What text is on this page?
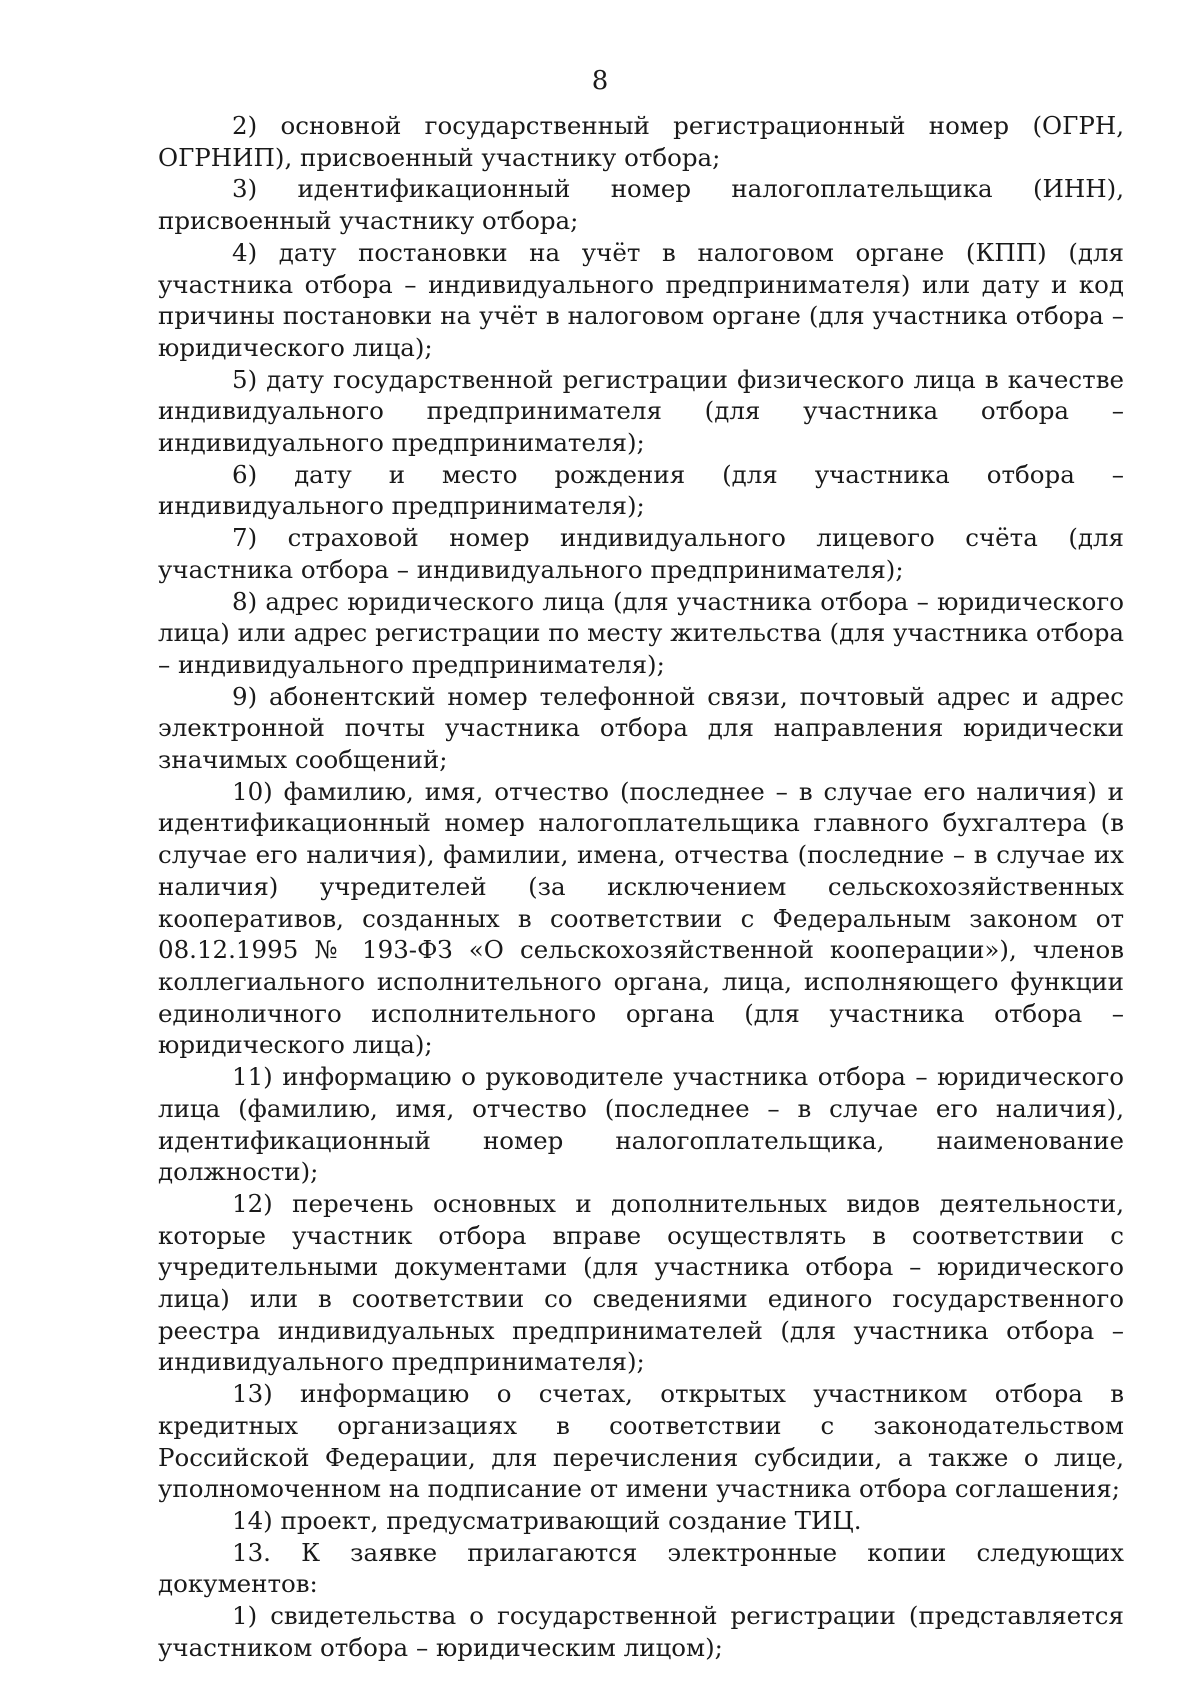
8

2) основной государственный регистрационный номер (ОГРН, ОГРНИП), присвоенный участнику отбора;

3) идентификационный номер налогоплательщика (ИНН), присвоенный участнику отбора;

4) дату постановки на учёт в налоговом органе (КПП) (для участника отбора – индивидуального предпринимателя) или дату и код причины постановки на учёт в налоговом органе (для участника отбора – юридического лица);

5) дату государственной регистрации физического лица в качестве индивидуального предпринимателя (для участника отбора – индивидуального предпринимателя);

6) дату и место рождения (для участника отбора – индивидуального предпринимателя);

7) страховой номер индивидуального лицевого счёта (для участника отбора – индивидуального предпринимателя);

8) адрес юридического лица (для участника отбора – юридического лица) или адрес регистрации по месту жительства (для участника отбора – индивидуального предпринимателя);

9) абонентский номер телефонной связи, почтовый адрес и адрес электронной почты участника отбора для направления юридически значимых сообщений;

10) фамилию, имя, отчество (последнее – в случае его наличия) и идентификационный номер налогоплательщика главного бухгалтера (в случае его наличия), фамилии, имена, отчества (последние – в случае их наличия) учредителей (за исключением сельскохозяйственных кооперативов, созданных в соответствии с Федеральным законом от 08.12.1995 № 193-ФЗ «О сельскохозяйственной кооперации»), членов коллегиального исполнительного органа, лица, исполняющего функции единоличного исполнительного органа (для участника отбора – юридического лица);

11) информацию о руководителе участника отбора – юридического лица (фамилию, имя, отчество (последнее – в случае его наличия), идентификационный номер налогоплательщика, наименование должности);

12) перечень основных и дополнительных видов деятельности, которые участник отбора вправе осуществлять в соответствии с учредительными документами (для участника отбора – юридического лица) или в соответствии со сведениями единого государственного реестра индивидуальных предпринимателей (для участника отбора – индивидуального предпринимателя);

13) информацию о счетах, открытых участником отбора в кредитных организациях в соответствии с законодательством Российской Федерации, для перечисления субсидии, а также о лице, уполномоченном на подписание от имени участника отбора соглашения;

14) проект, предусматривающий создание ТИЦ.

13. К заявке прилагаются электронные копии следующих документов:

1) свидетельства о государственной регистрации (представляется участником отбора – юридическим лицом);
